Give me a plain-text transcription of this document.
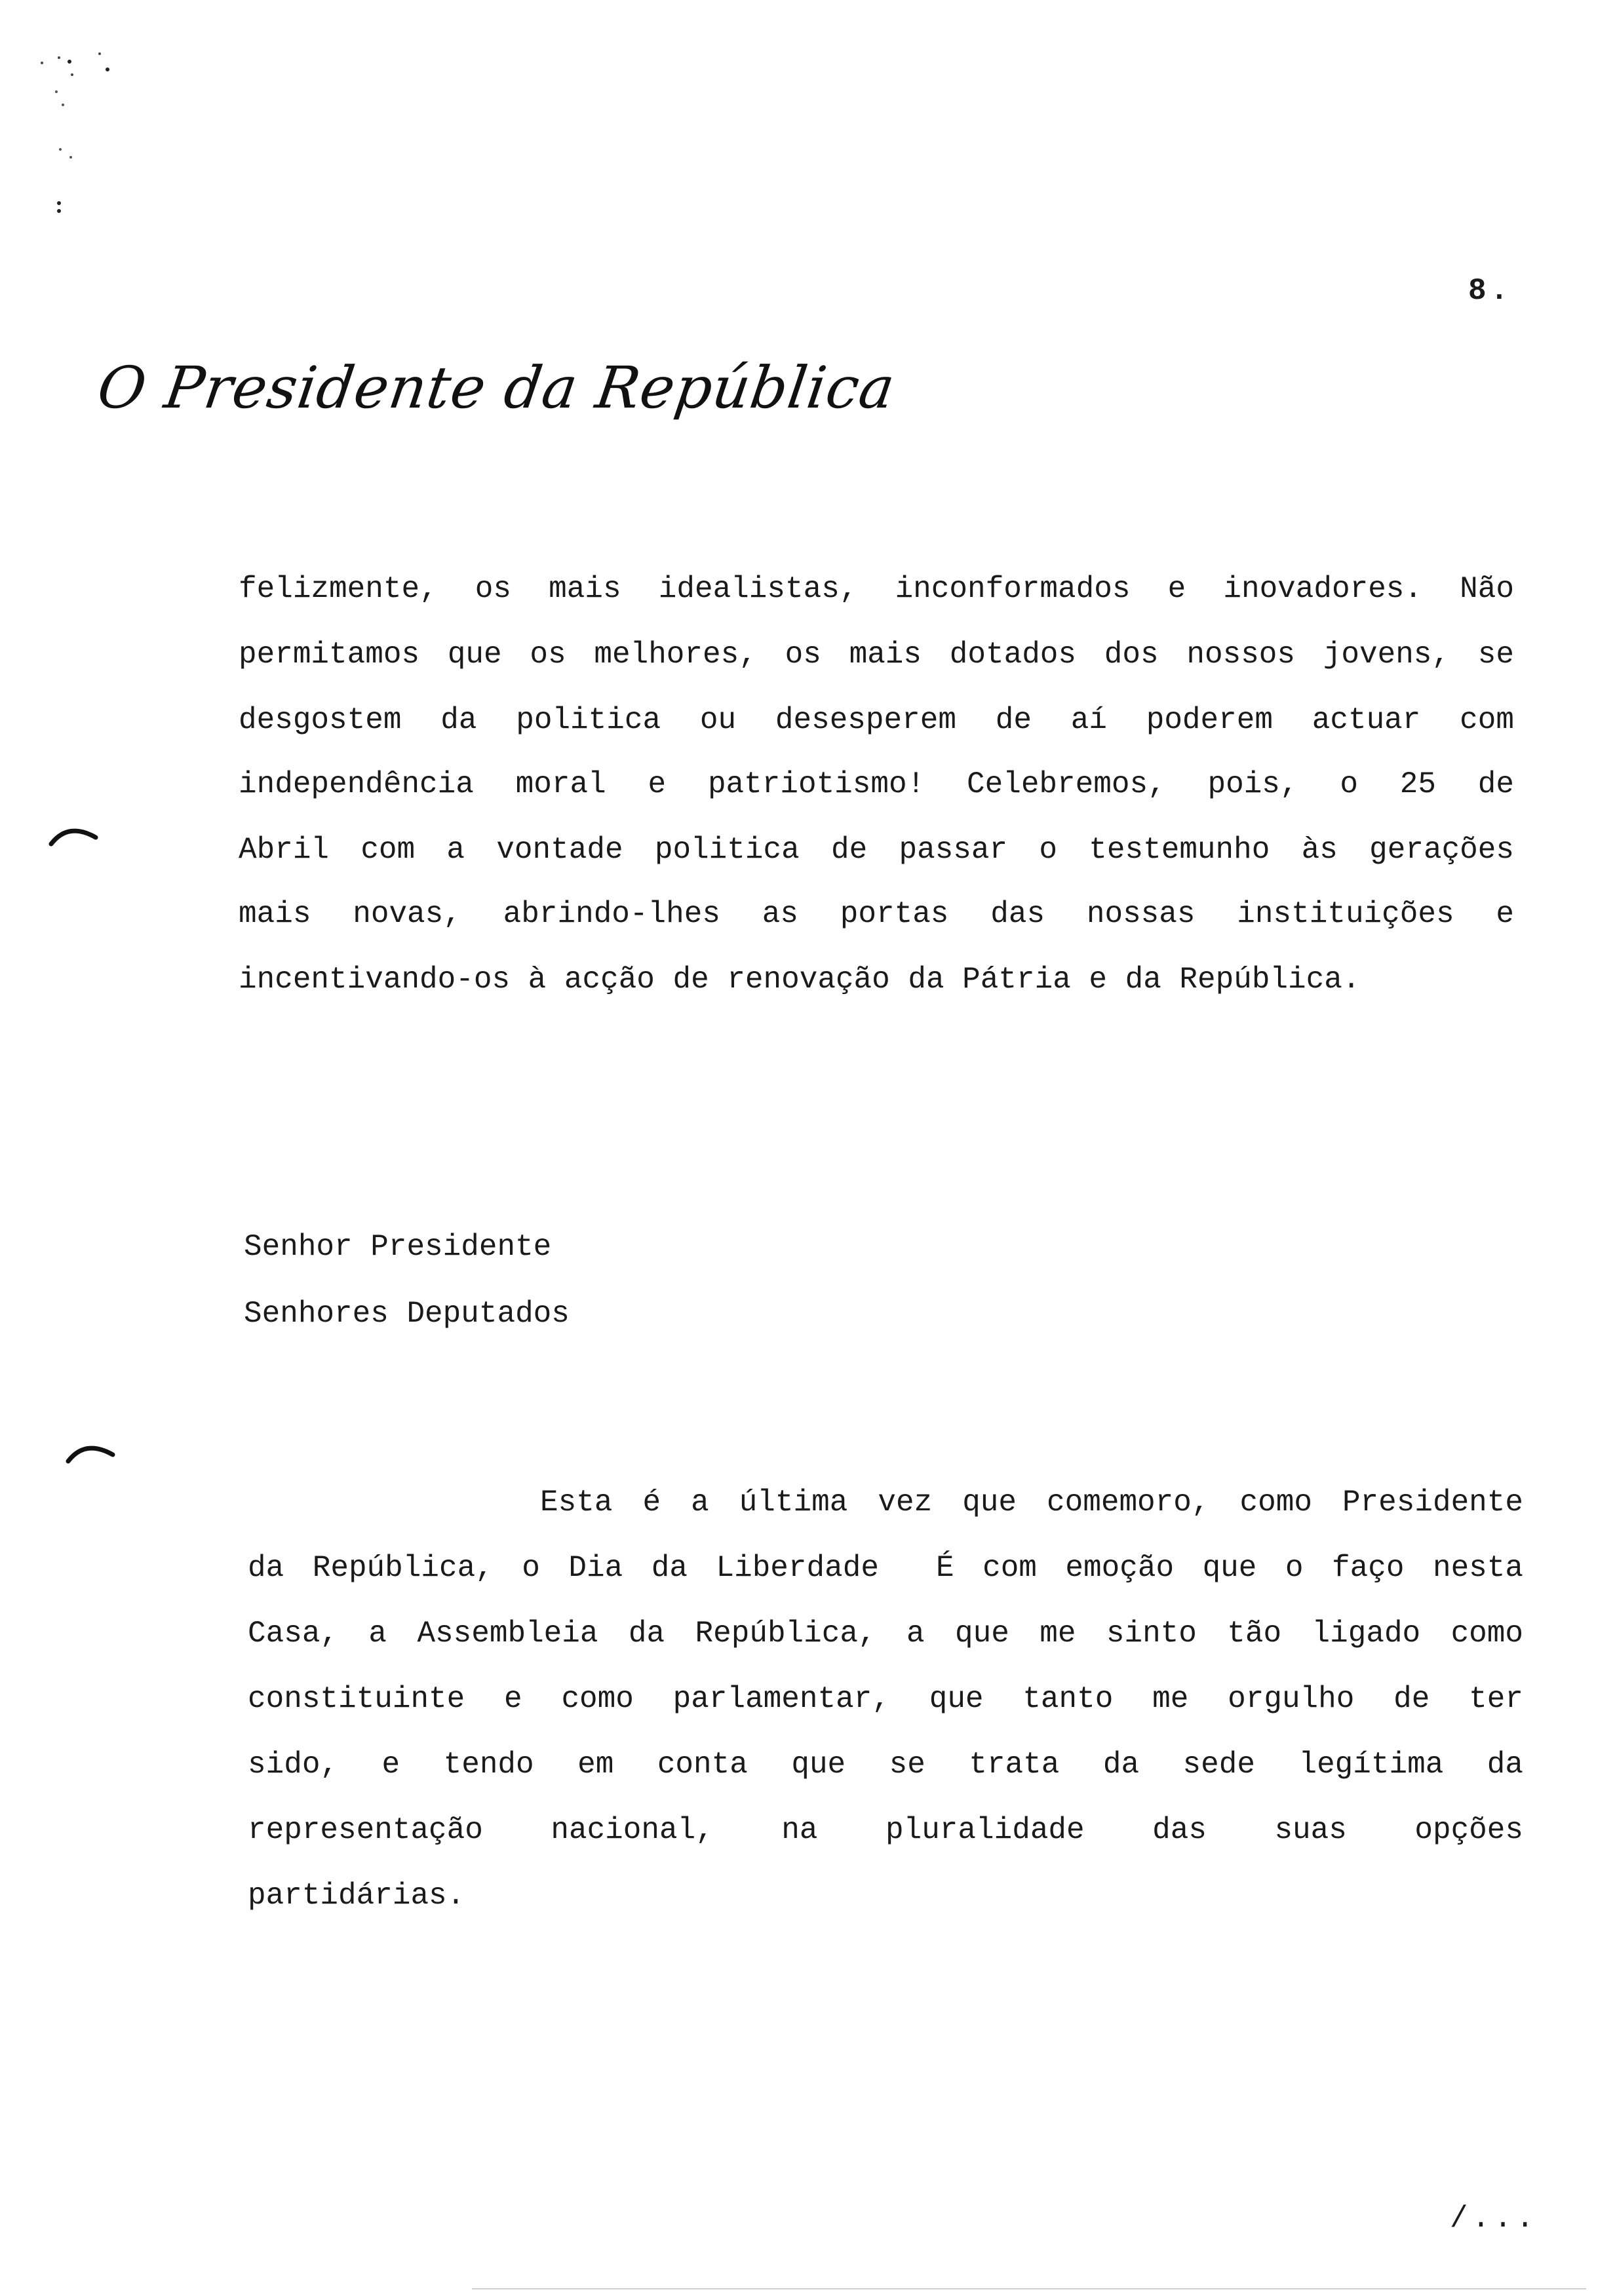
8.
O Presidente da República
felizmente, os mais idealistas, inconformados e inovadores. Não
permitamos que os melhores, os mais dotados dos nossos jovens, se
desgostem da politica ou desesperem de aí poderem actuar com
independência moral e patriotismo! Celebremos, pois, o 25 de
Abril com a vontade politica de passar o testemunho às gerações
mais novas, abrindo-lhes as portas das nossas instituições e
incentivando-os à acção de renovação da Pátria e da República.
Senhor Presidente
Senhores Deputados
Esta é a última vez que comemoro, como Presidente
da República, o Dia da Liberdade  É com emoção que o faço nesta
Casa, a Assembleia da República, a que me sinto tão ligado como
constituinte e como parlamentar, que tanto me orgulho de ter
sido, e tendo em conta que se trata da sede legítima da
representação nacional, na pluralidade das suas opções
partidárias.
/...
